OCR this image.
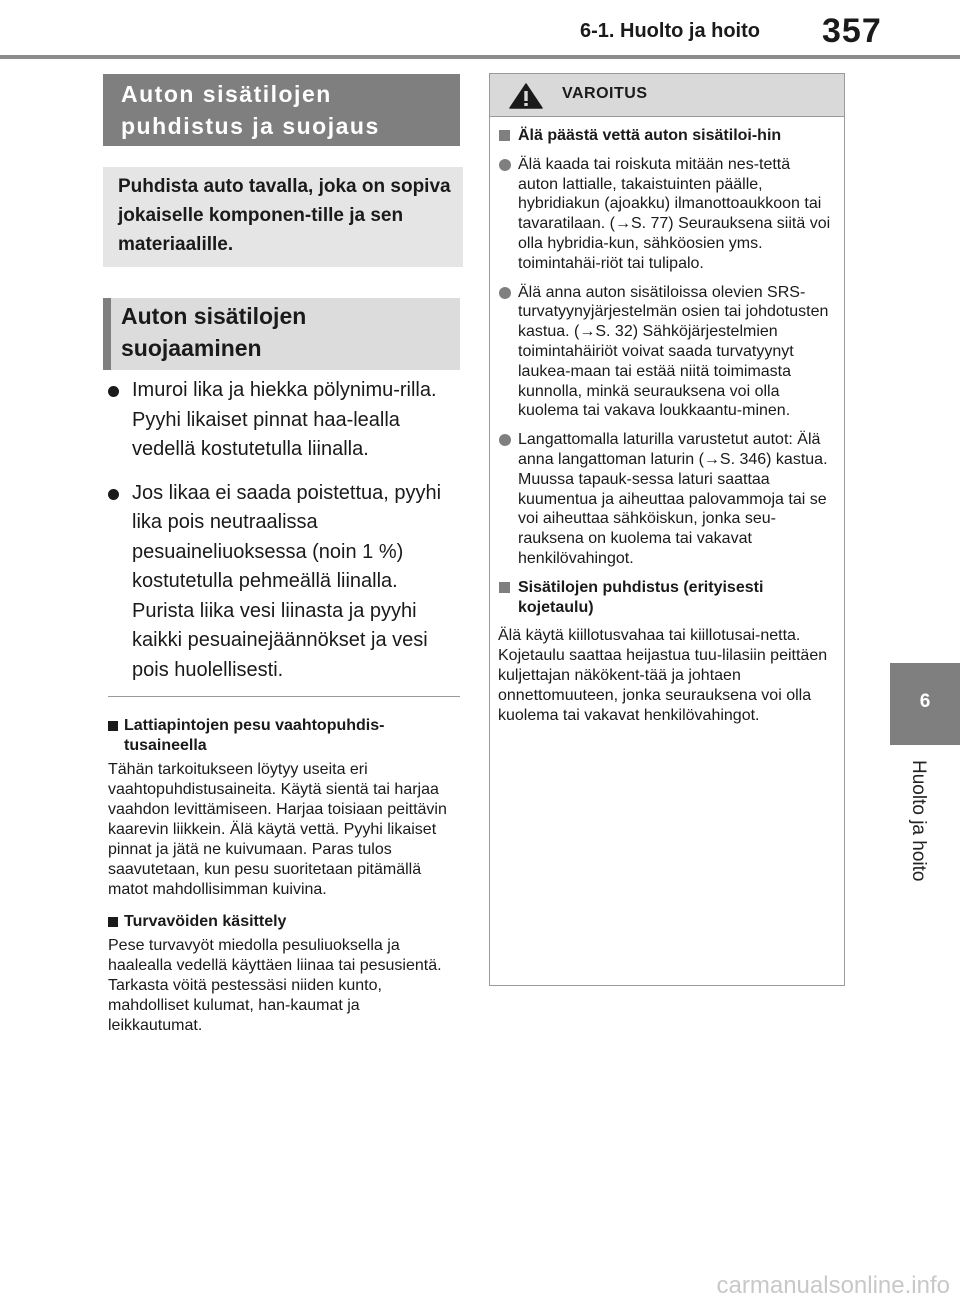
6-1. Huolto ja hoito 357
6
Huolto ja hoito
Auton sisätilojen puhdistus ja suojaus
Puhdista auto tavalla, joka on sopiva jokaiselle komponen-tille ja sen materiaalille.
Auton sisätilojen suojaaminen
Imuroi lika ja hiekka pölynimu-rilla. Pyyhi likaiset pinnat haa-lealla vedellä kostutetulla liinalla.
Jos likaa ei saada poistettua, pyyhi lika pois neutraalissa pesuaineliuoksessa (noin 1 %) kostutetulla pehmeällä liinalla. Purista liika vesi liinasta ja pyyhi kaikki pesuainejäännökset ja vesi pois huolellisesti.
Lattiapintojen pesu vaahtopuhdis-tusaineella
Tähän tarkoitukseen löytyy useita eri vaahtopuhdistusaineita. Käytä sientä tai harjaa vaahdon levittämiseen. Harjaa toisiaan peittävin kaarevin liikkein. Älä käytä vettä. Pyyhi likaiset pinnat ja jätä ne kuivumaan. Paras tulos saavutetaan, kun pesu suoritetaan pitämällä matot mahdollisimman kuivina.
Turvavöiden käsittely
Pese turvavyöt miedolla pesuliuoksella ja haalealla vedellä käyttäen liinaa tai pesusientä. Tarkasta vöitä pestessäsi niiden kunto, mahdolliset kulumat, han-kaumat ja leikkautumat.
VAROITUS
Älä päästä vettä auton sisätiloi-hin
Älä kaada tai roiskuta mitään nes-tettä auton lattialle, takaistuinten päälle, hybridiakun (ajoakku) ilmanottoaukkoon tai tavaratilaan. (→S. 77) Seurauksena siitä voi olla hybridia-kun, sähköosien yms. toimintahäi-riöt tai tulipalo.
Älä anna auton sisätiloissa olevien SRS-turvatyynyjärjestelmän osien tai johdotusten kastua. (→S. 32) Sähköjärjestelmien toimintahäiriöt voivat saada turvatyynyt laukea-maan tai estää niitä toimimasta kunnolla, minkä seurauksena voi olla kuolema tai vakava loukkaantu-minen.
Langattomalla laturilla varustetut autot: Älä anna langattoman laturin (→S. 346) kastua. Muussa tapauk-sessa laturi saattaa kuumentua ja aiheuttaa palovammoja tai se voi aiheuttaa sähköiskun, jonka seu-rauksena on kuolema tai vakavat henkilövahingot.
Sisätilojen puhdistus (erityisesti kojetaulu)
Älä käytä kiillotusvahaa tai kiillotusai-netta. Kojetaulu saattaa heijastua tuu-lilasiin peittäen kuljettajan näkökent-tää ja johtaen onnettomuuteen, jonka seurauksena voi olla kuolema tai vakavat henkilövahingot.
carmanualsonline.info
